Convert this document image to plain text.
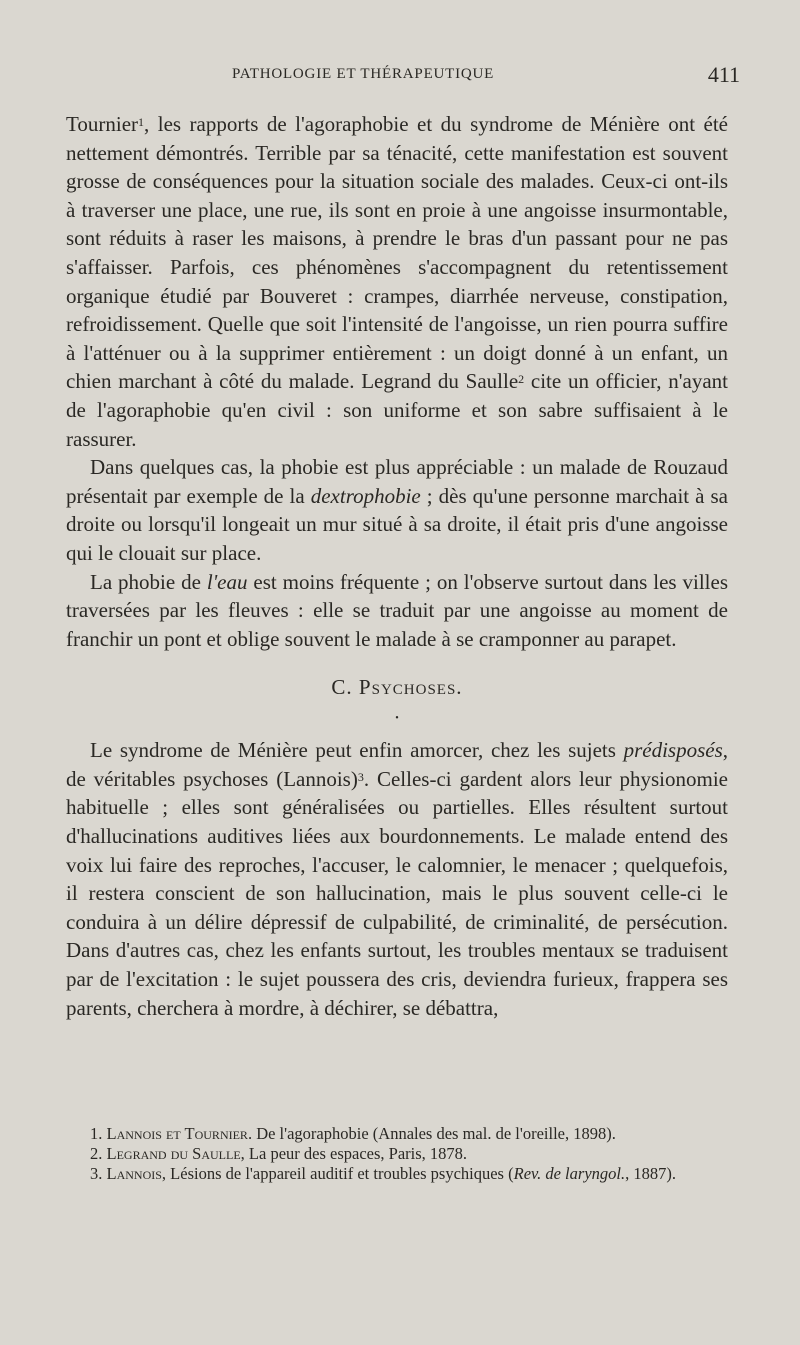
PATHOLOGIE ET THÉRAPEUTIQUE	411

Tournier$^1$, les rapports de l'agoraphobie et du syndrome de Ménière ont été nettement démontrés. Terrible par sa ténacité, cette manifestation est souvent grosse de conséquences pour la situation sociale des malades. Ceux-ci ont-ils à traverser une place, une rue, ils sont en proie à une angoisse insurmontable, sont réduits à raser les maisons, à prendre le bras d'un passant pour ne pas s'affaisser. Parfois, ces phénomènes s'accompagnent du retentissement organique étudié par Bouveret : crampes, diarrhée nerveuse, constipation, refroidissement. Quelle que soit l'intensité de l'angoisse, un rien pourra suffire à l'atténuer ou à la supprimer entièrement : un doigt donné à un enfant, un chien marchant à côté du malade. Legrand du Saulle$^2$ cite un officier, n'ayant de l'agoraphobie qu'en civil : son uniforme et son sabre suffisaient à le rassurer.

Dans quelques cas, la phobie est plus appréciable : un malade de Rouzaud présentait par exemple de la dextrophobie ; dès qu'une personne marchait à sa droite ou lorsqu'il longeait un mur situé à sa droite, il était pris d'une angoisse qui le clouait sur place.

La phobie de l'eau est moins fréquente ; on l'observe surtout dans les villes traversées par les fleuves : elle se traduit par une angoisse au moment de franchir un pont et oblige souvent le malade à se cramponner au parapet.

C. Psychoses.
•

Le syndrome de Ménière peut enfin amorcer, chez les sujets prédisposés, de véritables psychoses (Lannois)$^3$. Celles-ci gardent alors leur physionomie habituelle ; elles sont généralisées ou partielles. Elles résultent surtout d'hallucinations auditives liées aux bourdonnements. Le malade entend des voix lui faire des reproches, l'accuser, le calomnier, le menacer ; quelquefois, il restera conscient de son hallucination, mais le plus souvent celle-ci le conduira à un délire dépressif de culpabilité, de criminalité, de persécution. Dans d'autres cas, chez les enfants surtout, les troubles mentaux se traduisent par de l'excitation : le sujet poussera des cris, deviendra furieux, frappera ses parents, cherchera à mordre, à déchirer, se débattra,

1. Lannois et Tournier. De l'agoraphobie (Annales des mal. de l'oreille, 1898).

2. Legrand du Saulle, La peur des espaces, Paris, 1878.

3. Lannois, Lésions de l'appareil auditif et troubles psychiques (Rev. de laryngol., 1887).
